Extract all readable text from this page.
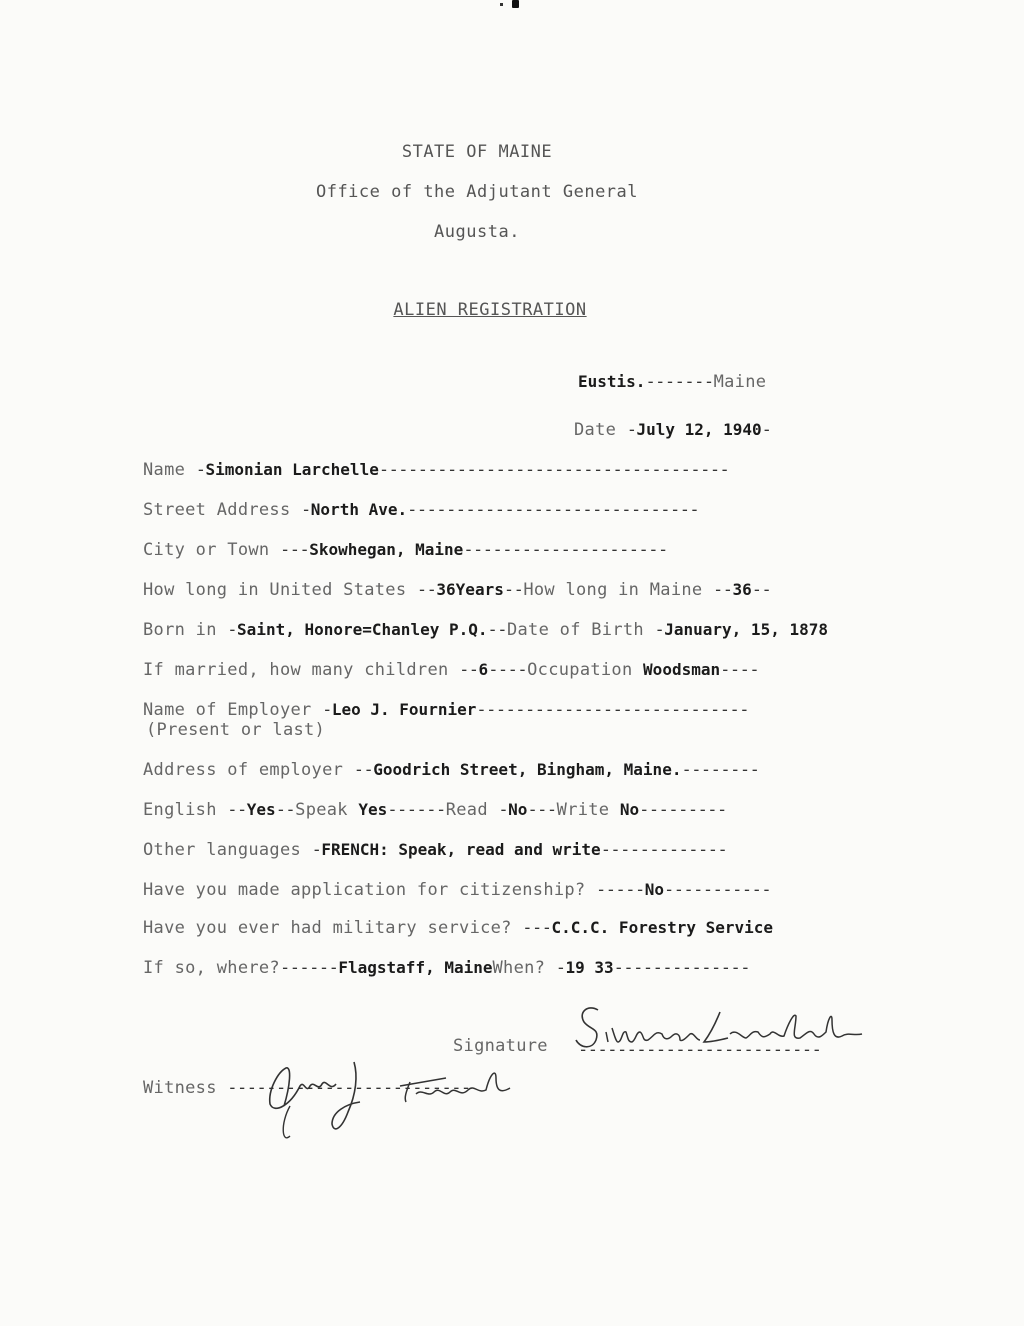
STATE OF MAINE
Office of the Adjutant General
Augusta.
ALIEN REGISTRATION
Eustis.-------Maine
Date -July 12, 1940-
Name -Simonian Larchelle------------------------------------
Street Address -North Ave.------------------------------
City or Town ---Skowhegan, Maine---------------------
How long in United States --36Years--How long in Maine --36--
Born in -Saint, Honore=Chanley P.Q.--Date of Birth -January, 15, 1878
If married, how many children --6----Occupation Woodsman----
Name of Employer -Leo J. Fournier----------------------------
(Present or last)
Address of employer --Goodrich Street, Bingham, Maine.--------
English --Yes--Speak Yes------Read -No---Write No---------
Other languages -FRENCH: Speak, read and write-------------
Have you made application for citizenship? -----No-----------
Have you ever had military service? ---C.C.C. Forestry Service
If so, where?------Flagstaff, MaineWhen? -19 33--------------
Signature -------------------------
Witness -------------------------
